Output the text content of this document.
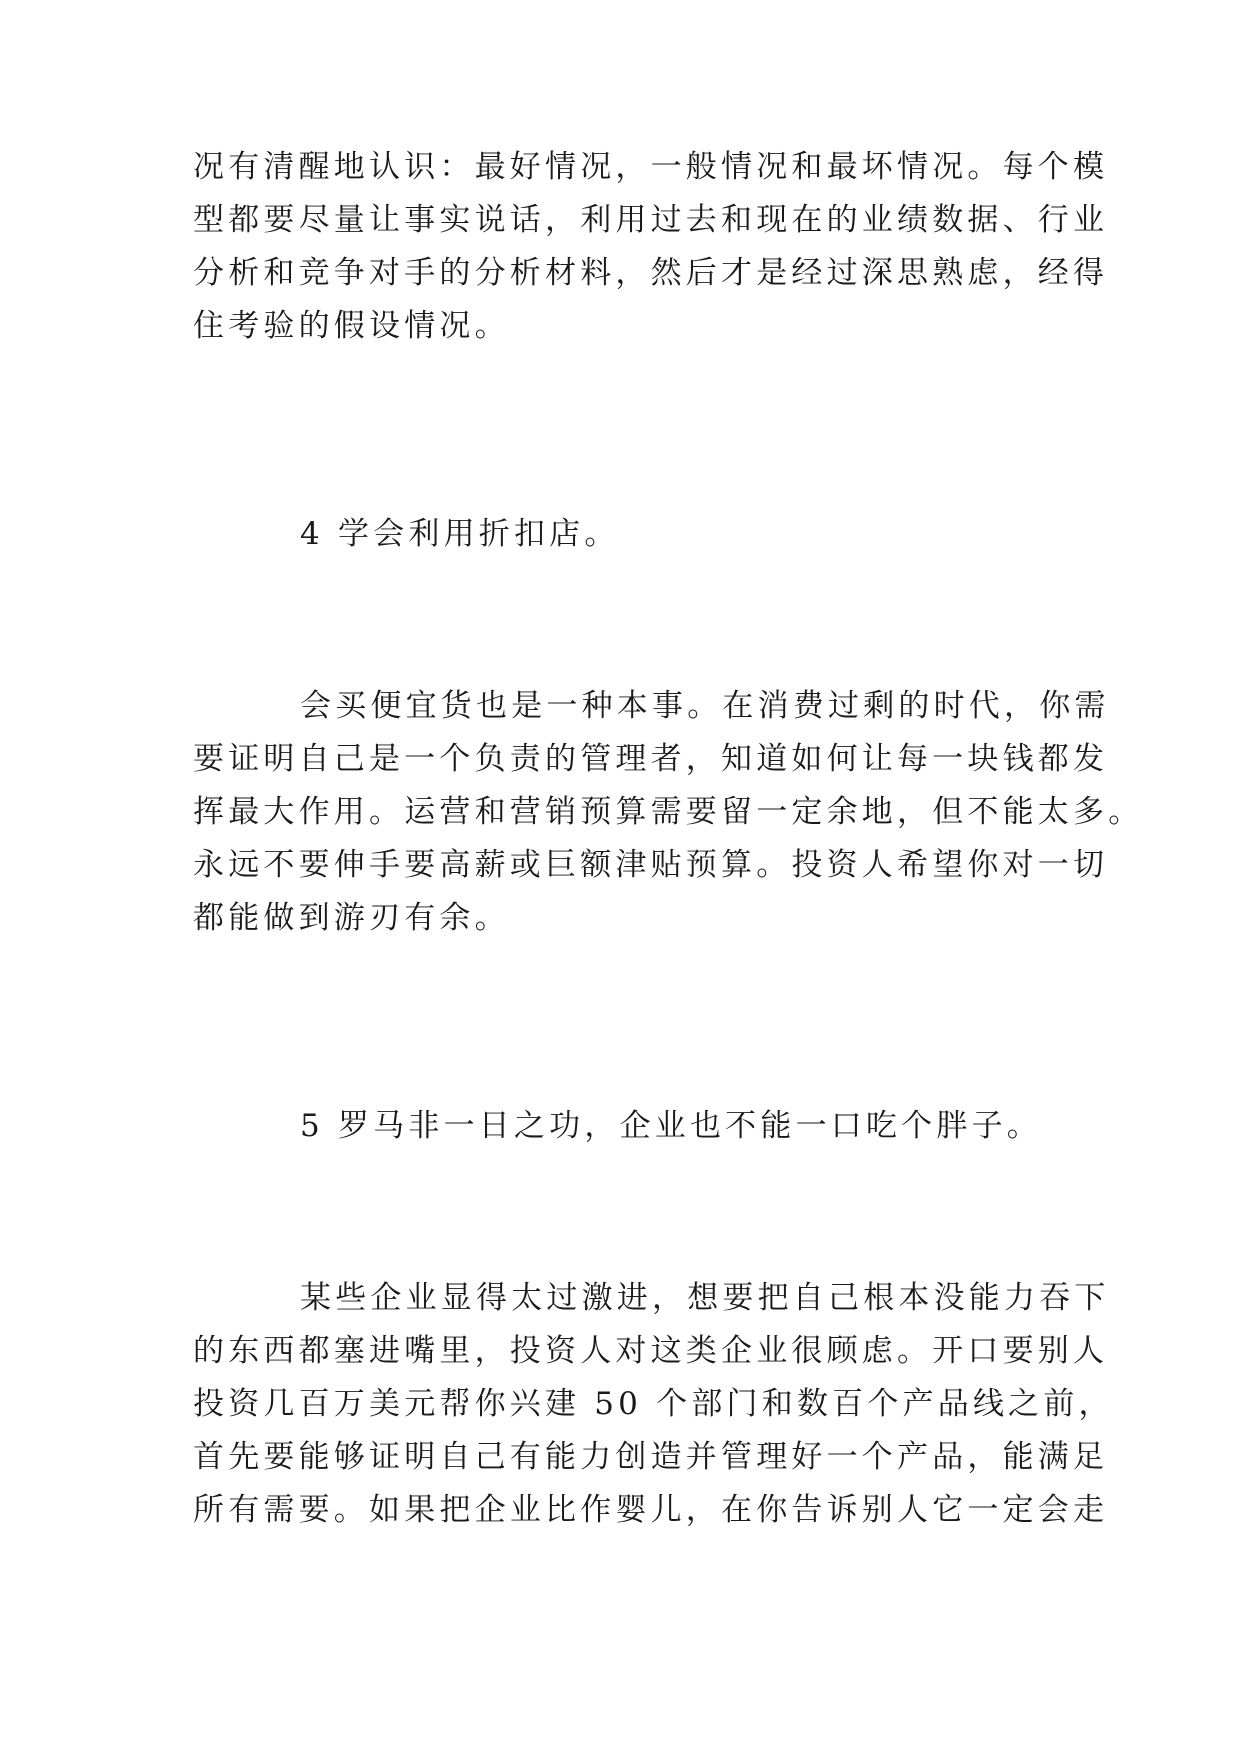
况有清醒地认识：最好情况，一般情况和最坏情况。每个模
型都要尽量让事实说话，利用过去和现在的业绩数据、行业
分析和竞争对手的分析材料，然后才是经过深思熟虑，经得
住考验的假设情况。
4 学会利用折扣店。
会买便宜货也是一种本事。在消费过剩的时代，你需
要证明自己是一个负责的管理者，知道如何让每一块钱都发
挥最大作用。运营和营销预算需要留一定余地，但不能太多。
永远不要伸手要高薪或巨额津贴预算。投资人希望你对一切
都能做到游刃有余。
5 罗马非一日之功，企业也不能一口吃个胖子。
某些企业显得太过激进，想要把自己根本没能力吞下
的东西都塞进嘴里，投资人对这类企业很顾虑。开口要别人
投资几百万美元帮你兴建 50 个部门和数百个产品线之前，
首先要能够证明自己有能力创造并管理好一个产品，能满足
所有需要。如果把企业比作婴儿，在你告诉别人它一定会走
